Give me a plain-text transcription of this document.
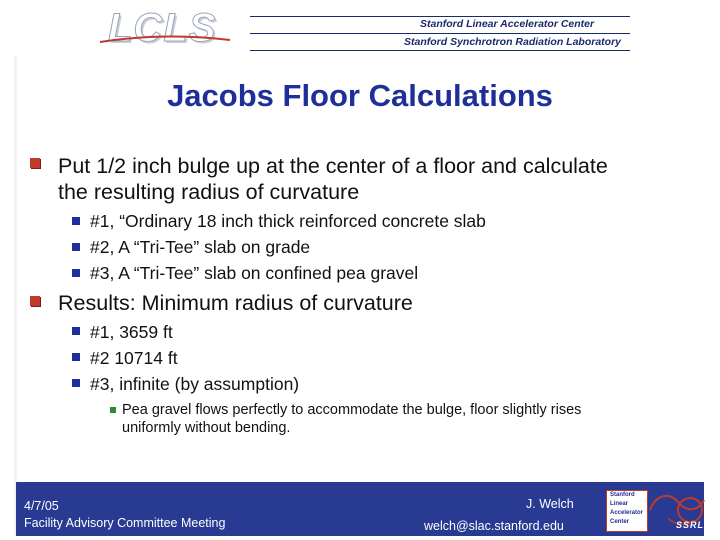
LCLS	Stanford Linear Accelerator Center
Stanford Synchrotron Radiation Laboratory
Jacobs Floor Calculations
Put 1/2 inch bulge up at the center of a floor and calculate
the resulting radius of curvature
#1, “Ordinary 18 inch thick reinforced concrete slab
#2, A “Tri-Tee” slab on grade
#3, A “Tri-Tee” slab on confined pea gravel
Results: Minimum radius of curvature
#1, 3659 ft
#2 10714 ft
#3, infinite (by assumption)
Pea gravel flows perfectly to accommodate the bulge, floor slightly rises
uniformly without bending.
4/7/05
Facility Advisory Committee Meeting
J. Welch
welch@slac.stanford.edu
Stanford
Linear
Accelerator
Center	SSRL
